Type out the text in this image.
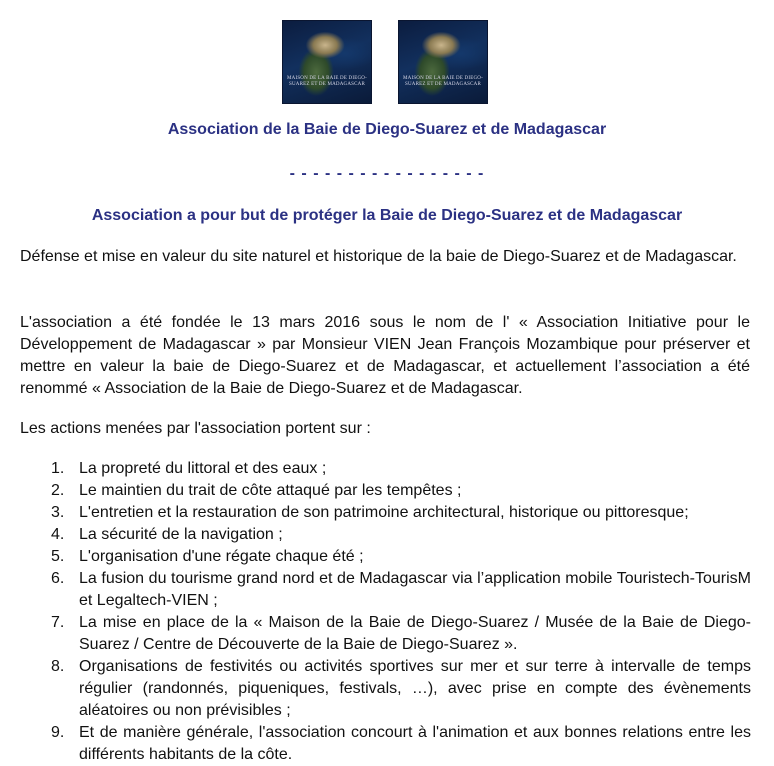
MAISON DE LA BAIE DE DIEGO-SUAREZ ET DE MADAGASCAR
MAISON DE LA BAIE DE DIEGO-SUAREZ ET DE MADAGASCAR
Association de la Baie de Diego-Suarez et de Madagascar
- - - - - - - - - - - - - - - - -
Association a pour but de protéger la Baie de Diego-Suarez et de Madagascar

Défense et mise en valeur du site naturel et historique de la baie de Diego-Suarez et de Madagascar.

L'association a été fondée le 13 mars 2016 sous le nom de l' « Association Initiative pour le Développement de Madagascar » par Monsieur VIEN Jean François Mozambique pour préserver et mettre en valeur la baie de Diego-Suarez et de Madagascar, et actuellement l’association a été renommé « Association de la Baie de Diego-Suarez et de Madagascar.

Les actions menées par l'association portent sur :

1. La propreté du littoral et des eaux ;
2. Le maintien du trait de côte attaqué par les tempêtes ;
3. L'entretien et la restauration de son patrimoine architectural, historique ou pittoresque;
4. La sécurité de la navigation ;
5. L'organisation d'une régate chaque été ;
6. La fusion du tourisme grand nord et de Madagascar via l’application mobile Touristech-TourisM et Legaltech-VIEN ;
7. La mise en place de la « Maison de la Baie de Diego-Suarez / Musée de la Baie de Diego-Suarez / Centre de Découverte de la Baie de Diego-Suarez ».
8. Organisations de festivités ou activités sportives sur mer et sur terre à intervalle de temps régulier (randonnés, piqueniques, festivals, …), avec prise en compte des évènements aléatoires ou non prévisibles ;
9. Et de manière générale, l'association concourt à l'animation et aux bonnes relations entre les différents habitants de la côte.
